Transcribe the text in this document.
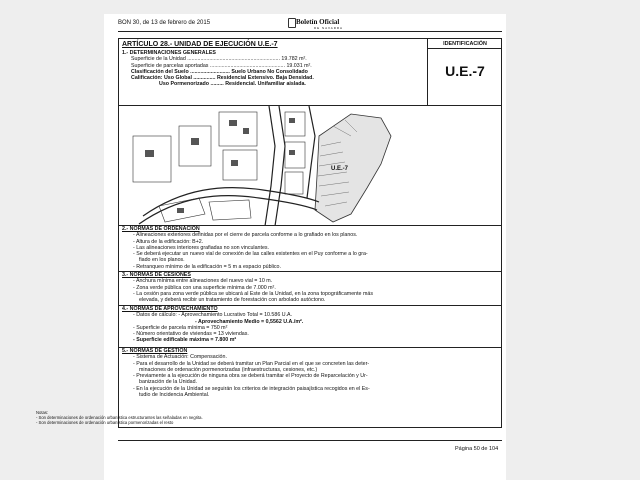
BON 30, de 13 de febrero de 2015	Boletín Oficial
DE NAVARRA
ARTÍCULO 28.- UNIDAD DE EJECUCIÓN U.E.-7
1.- DETERMINACIONES GENERALES
Superficie de la Unidad ............................................................... 19.782 m².
Superficie de parcelas aportadas ................................................... 19.031 m².
Clasificación del Suelo ........................... Suelo Urbano No Consolidado
Calificación: Uso Global ............... Residencial Extensivo. Baja Densidad.
Uso Pormenorizado ......... Residencial. Unifamiliar aislada.
IDENTIFICACIÓN
U.E.-7
U.E.-7
2.- NORMAS DE ORDENACIÓN
- Alineaciones exteriores definidas por el cierre de parcela conforme a lo grafiado en los planos.
- Altura de la edificación: B+2.
- Las alineaciones interiores grafiadas no son vinculantes.
- Se deberá ejecutar un nuevo vial de conexión de las calles existentes en el Puy conforme a lo gra-
fiado en los planos.
- Retranqueo mínimo de la edificación = 5 m a espacio público.
3.- NORMAS DE CESIONES
- Anchura mínima entre alineaciones del nuevo vial = 10 m.
- Zona verde pública con una superficie mínima de 7.000 m².
- La cesión para zona verde pública se ubicará al Este de la Unidad, en la zona topográficamente más
elevada, y deberá recibir un tratamiento de forestación con arbolado autóctono.
4.- NORMAS DE APROVECHAMIENTO
- Datos de cálculo: - Aprovechamiento Lucrativo Total = 10.586 U.A.
- Aprovechamiento Medio = 0,5562 U.A./m².
- Superficie de parcela mínima = 750 m²
- Número orientativo de viviendas = 13 viviendas.
- Superficie edificable máxima = 7.800 m²
5.- NORMAS DE GESTIÓN
- Sistema de Actuación: Compensación.
- Para el desarrollo de la Unidad se deberá tramitar un Plan Parcial en el que se concreten las deter-
minaciones de ordenación pormenorizadas (infraestructuras, cesiones, etc.)
- Previamente a la ejecución de ninguna obra se deberá tramitar el Proyecto de Reparcelación y Ur-
banización de la Unidad.
- En la ejecución de la Unidad se seguirán los criterios de integración paisajística recogidos en el Es-
tudio de Incidencia Ambiental.
Notas:
- Son determinaciones de ordenación urbanística estructurantes las señaladas en negrita.
- Son determinaciones de ordenación urbanística pormenorizadas el resto
Página 50 de 104
